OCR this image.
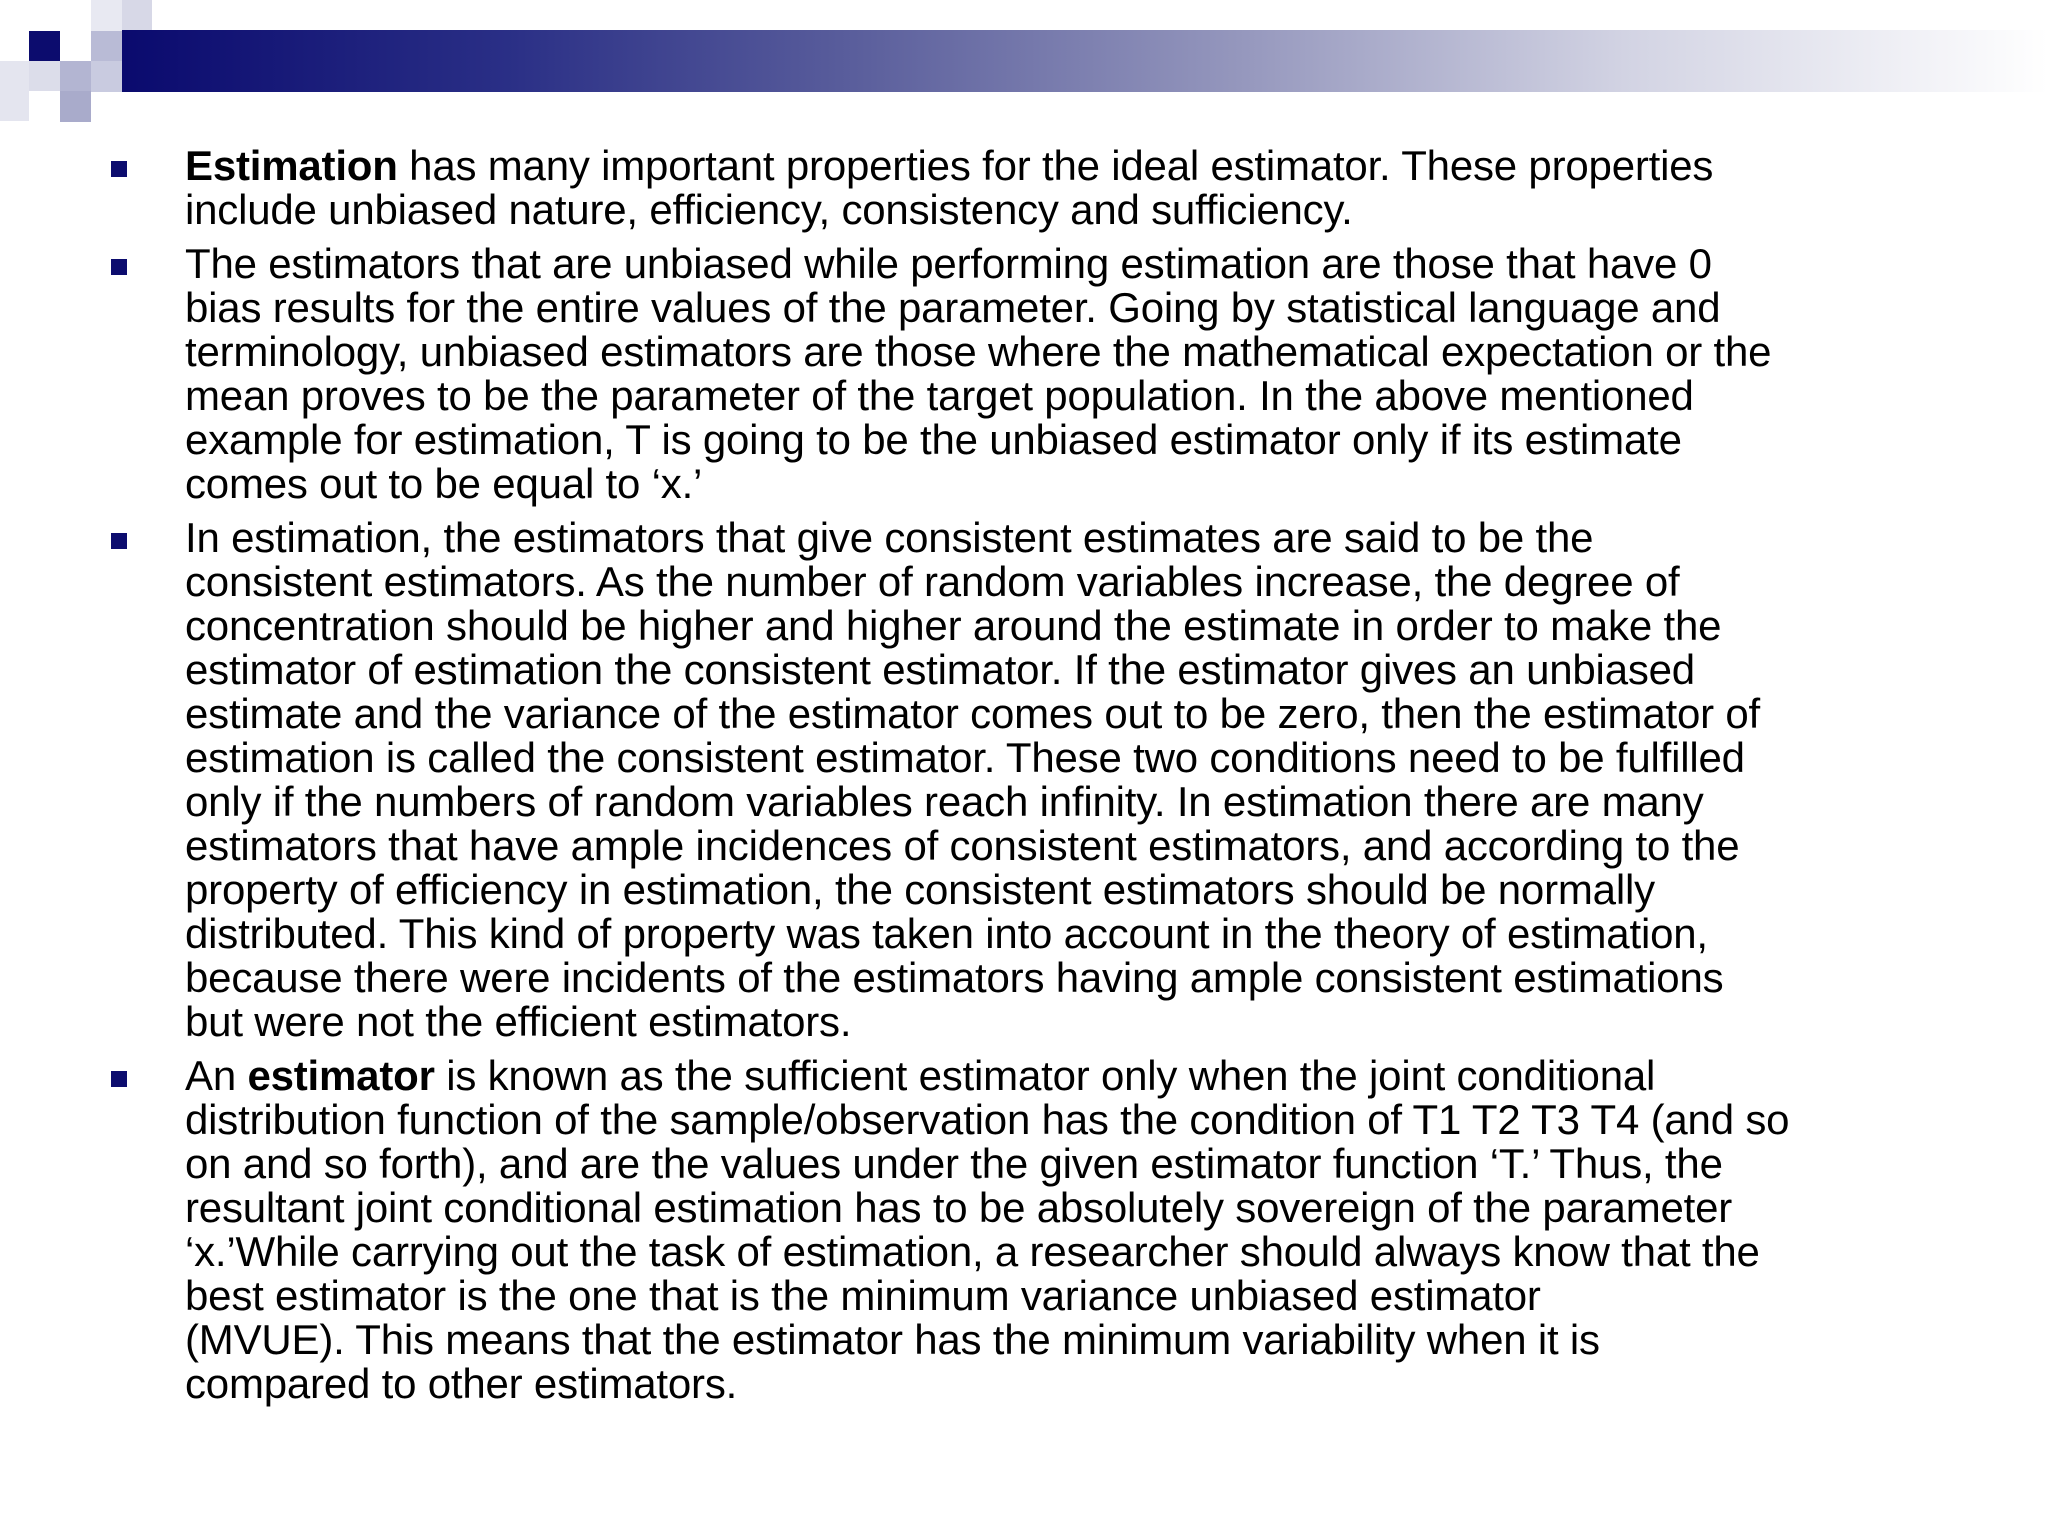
Estimation has many important properties for the ideal estimator. These properties
include unbiased nature, efficiency, consistency and sufficiency.
The estimators that are unbiased while performing estimation are those that have 0
bias results for the entire values of the parameter. Going by statistical language and
terminology, unbiased estimators are those where the mathematical expectation or the
mean proves to be the parameter of the target population. In the above mentioned
example for estimation, T is going to be the unbiased estimator only if its estimate
comes out to be equal to ‘x.’
In estimation, the estimators that give consistent estimates are said to be the
consistent estimators. As the number of random variables increase, the degree of
concentration should be higher and higher around the estimate in order to make the
estimator of estimation the consistent estimator. If the estimator gives an unbiased
estimate and the variance of the estimator comes out to be zero, then the estimator of
estimation is called the consistent estimator. These two conditions need to be fulfilled
only if the numbers of random variables reach infinity. In estimation there are many
estimators that have ample incidences of consistent estimators, and according to the
property of efficiency in estimation, the consistent estimators should be normally
distributed. This kind of property was taken into account in the theory of estimation,
because there were incidents of the estimators having ample consistent estimations
but were not the efficient estimators.
An estimator is known as the sufficient estimator only when the joint conditional
distribution function of the sample/observation has the condition of T1 T2 T3 T4 (and so
on and so forth), and are the values under the given estimator function ‘T.’ Thus, the
resultant joint conditional estimation has to be absolutely sovereign of the parameter
‘x.’While carrying out the task of estimation, a researcher should always know that the
best estimator is the one that is the minimum variance unbiased estimator
(MVUE). This means that the estimator has the minimum variability when it is
compared to other estimators.
